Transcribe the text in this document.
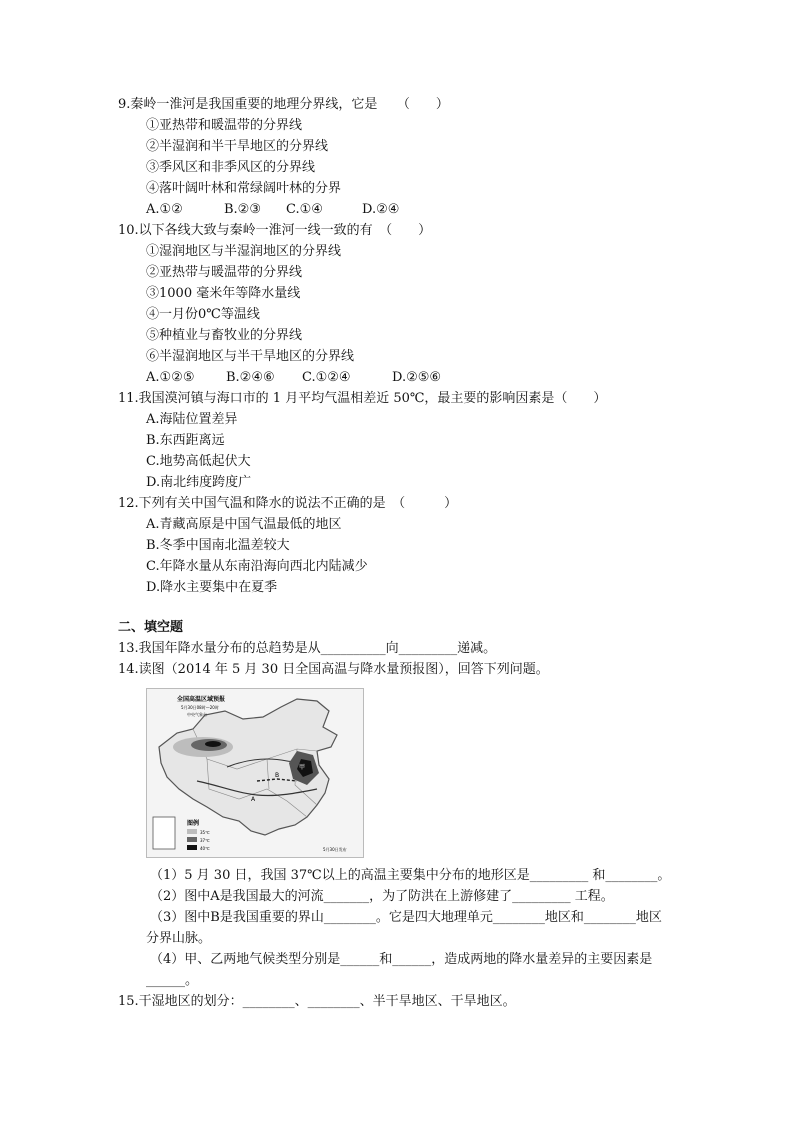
9.秦岭一淮河是我国重要的地理分界线，它是　　（　　）
①亚热带和暖温带的分界线
②半湿润和半干旱地区的分界线
③季风区和非季风区的分界线
④落叶阔叶林和常绿阔叶林的分界
A.①②	B.②③ C.①④	D.②④
10.以下各线大致与秦岭一淮河一线一致的有　（　　）
①湿润地区与半湿润地区的分界线
②亚热带与暖温带的分界线
③1000 毫米年等降水量线
④一月份0℃等温线
⑤种植业与畜牧业的分界线
⑥半湿润地区与半干旱地区的分界线
A.①②⑤ B.②④⑥ C.①②④	D.②⑤⑥
11.我国漠河镇与海口市的 1 月平均气温相差近 50℃，最主要的影响因素是（　　）
A.海陆位置差异
B.东西距离远
C.地势高低起伏大
D.南北纬度跨度广
12.下列有关中国气温和降水的说法不正确的是　（　　　）
A.青藏高原是中国气温最低的地区
B.冬季中国南北温差较大
C.年降水量从东南沿海向西北内陆减少
D.降水主要集中在夏季
二、填空题
13.我国年降水量分布的总趋势是从__________向_________递减。
14.读图（2014 年 5 月 30 日全国高温与降水量预报图），回答下列问题。
图例
35℃
37℃
40℃
全国高温区域预报
5月30日08时—20时
中央气象台
甲
A
B
5月30日发布
（1）5 月 30 日，我国 37℃以上的高温主要集中分布的地形区是_________ 和________。
（2）图中A是我国最大的河流_______，为了防洪在上游修建了_________ 工程。
（3）图中B是我国重要的界山________。它是四大地理单元________地区和________地区
分界山脉。
（4）甲、乙两地气候类型分别是______和______，造成两地的降水量差异的主要因素是
______。
15.干湿地区的划分：________、________、半干旱地区、干旱地区。
